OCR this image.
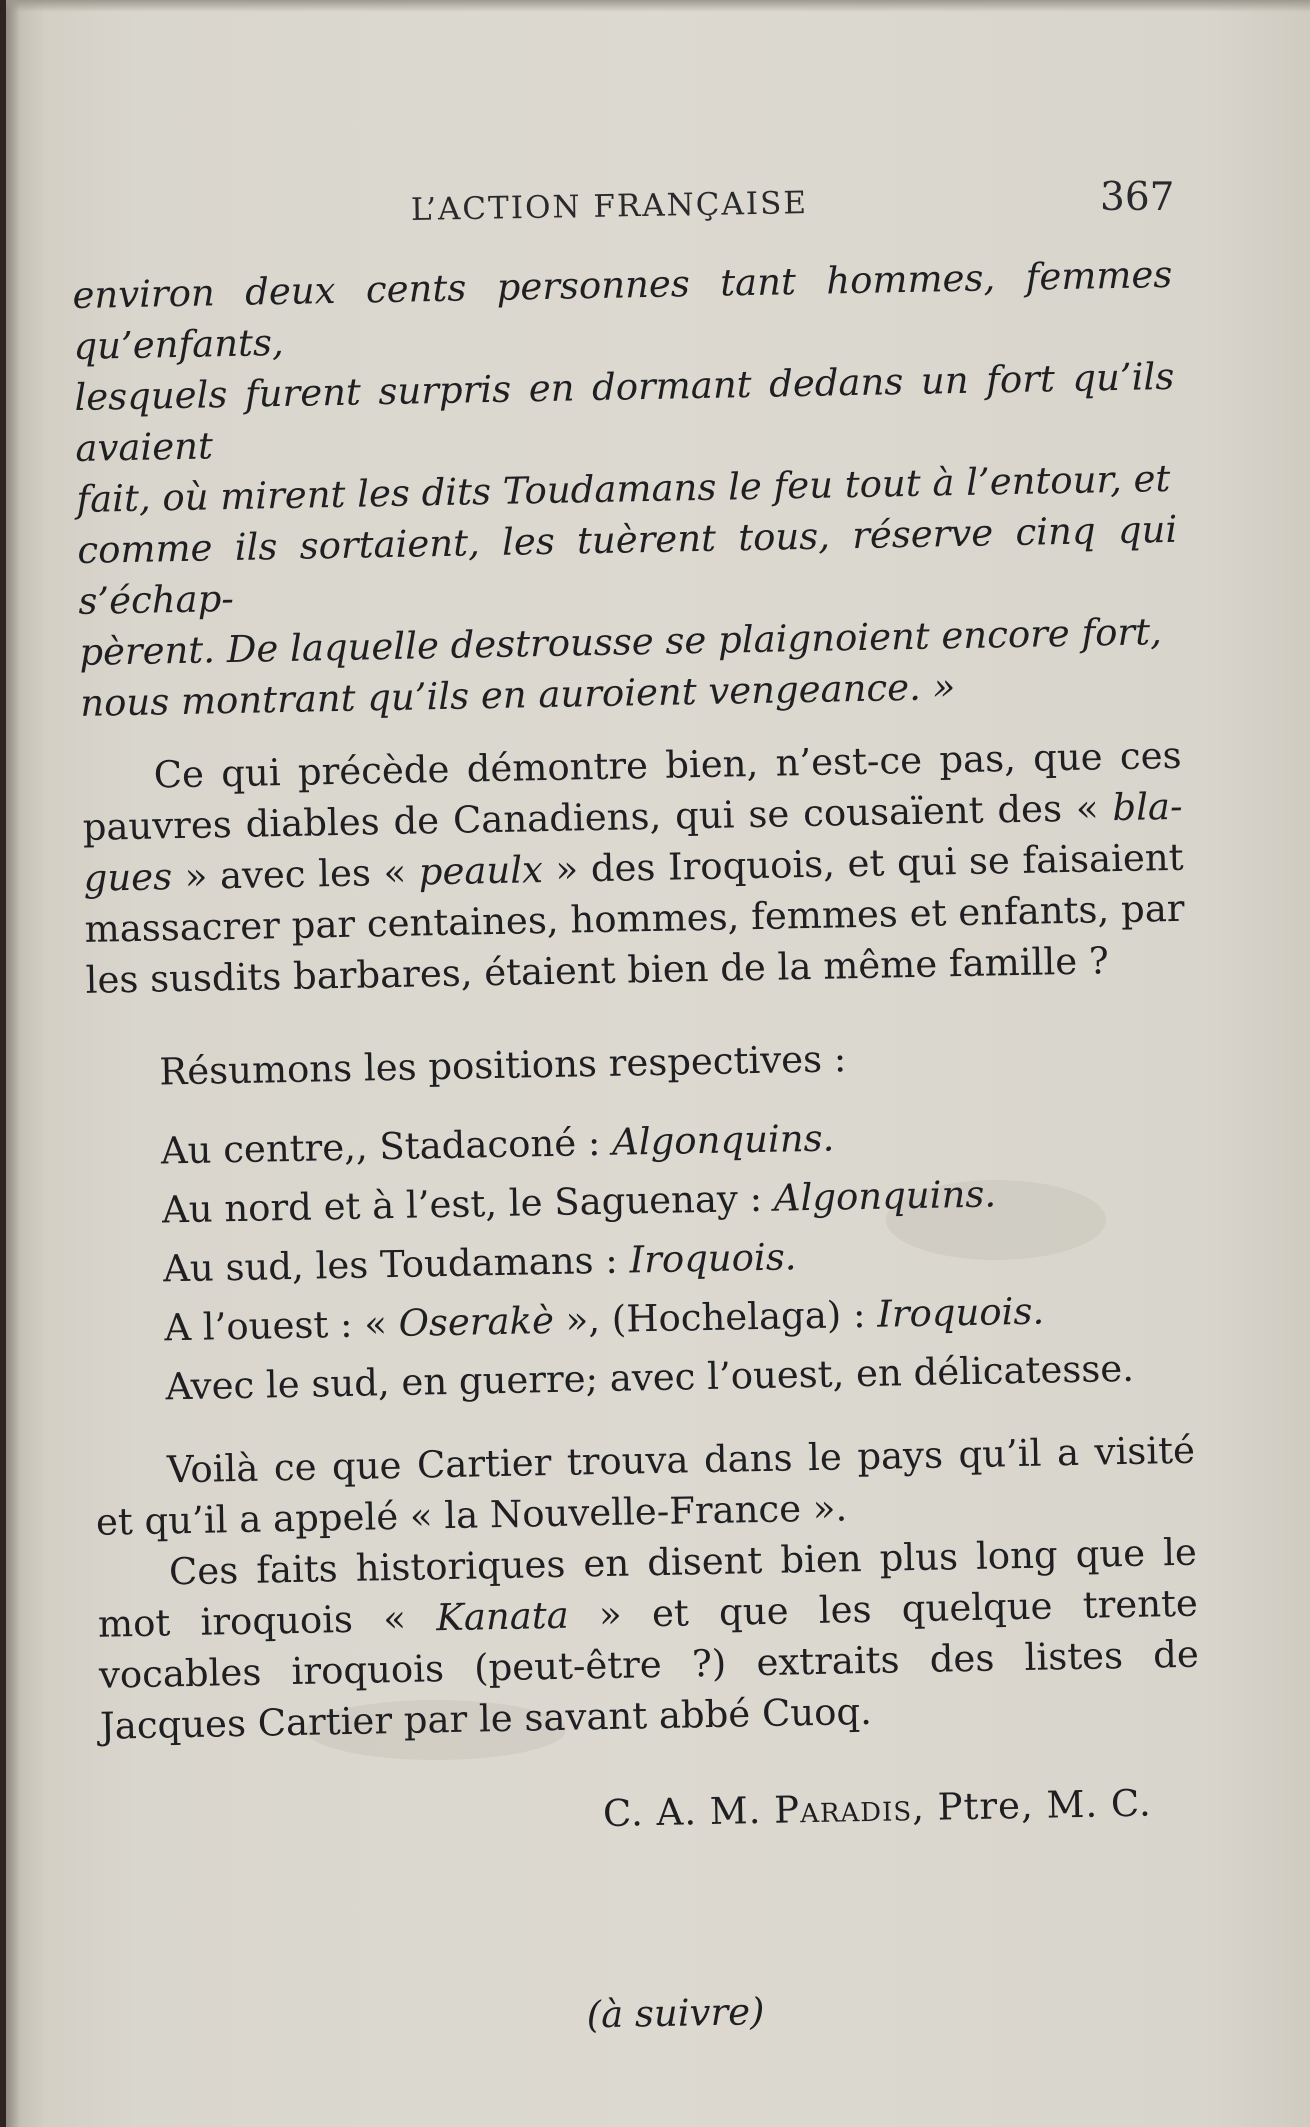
L’ACTION FRANÇAISE	367

environ deux cents personnes tant hommes, femmes qu’enfants,
lesquels furent surpris en dormant dedans un fort qu’ils avaient
fait, où mirent les dits Toudamans le feu tout à l’entour, et
comme ils sortaient, les tuèrent tous, réserve cinq qui s’échap-
pèrent. De laquelle destrousse se plaignoient encore fort,
nous montrant qu’ils en auroient vengeance. »

Ce qui précède démontre bien, n’est-ce pas, que ces pauvres diables de Canadiens, qui se cousaïent des « bla-gues » avec les « peaulx » des Iroquois, et qui se faisaient massacrer par centaines, hommes, femmes et enfants, par les susdits barbares, étaient bien de la même famille ?

Résumons les positions respectives :

Au centre,, Stadaconé : Algonquins.
Au nord et à l’est, le Saguenay : Algonquins.
Au sud, les Toudamans : Iroquois.
A l’ouest : « Oserakè », (Hochelaga) : Iroquois.
Avec le sud, en guerre; avec l’ouest, en délicatesse.

Voilà ce que Cartier trouva dans le pays qu’il a visité et qu’il a appelé « la Nouvelle-France ».

Ces faits historiques en disent bien plus long que le mot iroquois « Kanata » et que les quelque trente vocables iroquois (peut-être ?) extraits des listes de Jacques Cartier par le savant abbé Cuoq.

C. A. M. Paradis, Ptre, M. C.

(à suivre)
